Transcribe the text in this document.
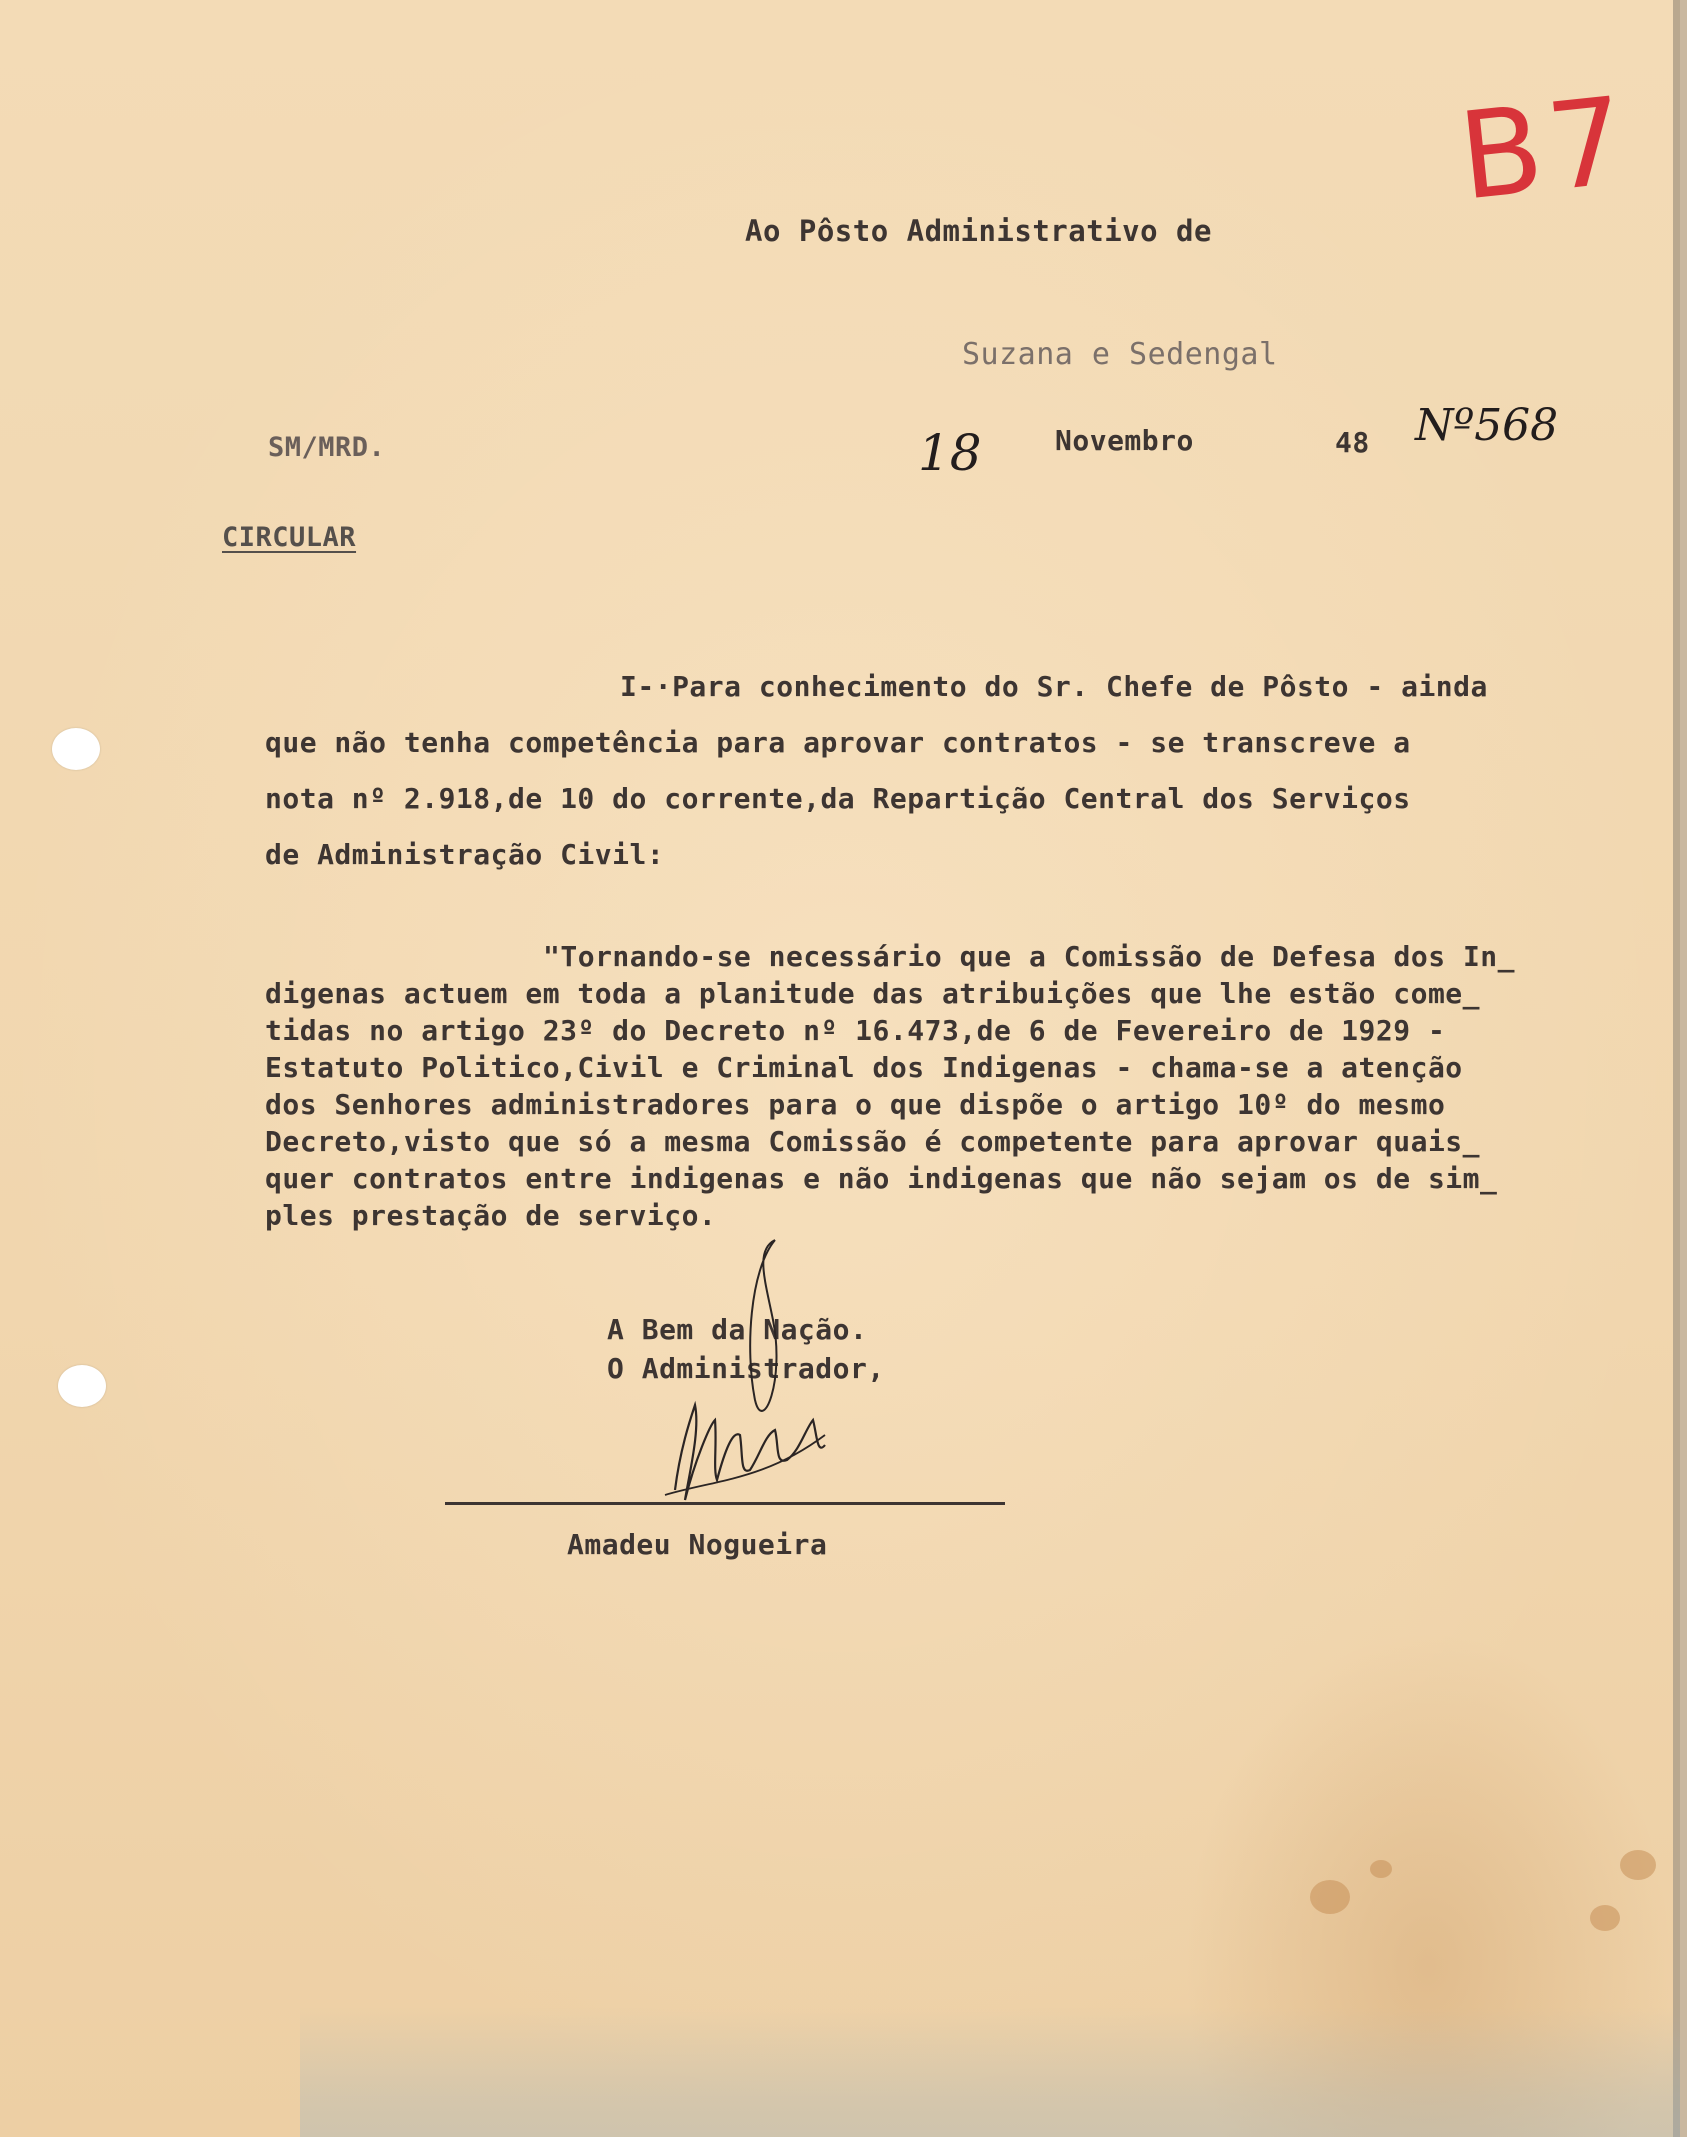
B7
Ao Pôsto Administrativo de
Suzana e Sedengal
SM/MRD.	18	Novembro	48 Nº568
CIRCULAR
I-·Para conhecimento do Sr. Chefe de Pôsto - ainda
que não tenha competência para aprovar contratos - se transcreve a
nota nº 2.918,de 10 do corrente,da Repartição Central dos Serviços
de Administração Civil:
"Tornando-se necessário que a Comissão de Defesa dos In_
digenas actuem em toda a planitude das atribuições que lhe estão come_
tidas no artigo 23º do Decreto nº 16.473,de 6 de Fevereiro de 1929 -
Estatuto Politico,Civil e Criminal dos Indigenas - chama-se a atenção
dos Senhores administradores para o que dispõe o artigo 10º do mesmo
Decreto,visto que só a mesma Comissão é competente para aprovar quais_
quer contratos entre indigenas e não indigenas que não sejam os de sim_
ples prestação de serviço.
A Bem da Nação.
O Administrador,
Amadeu Nogueira
